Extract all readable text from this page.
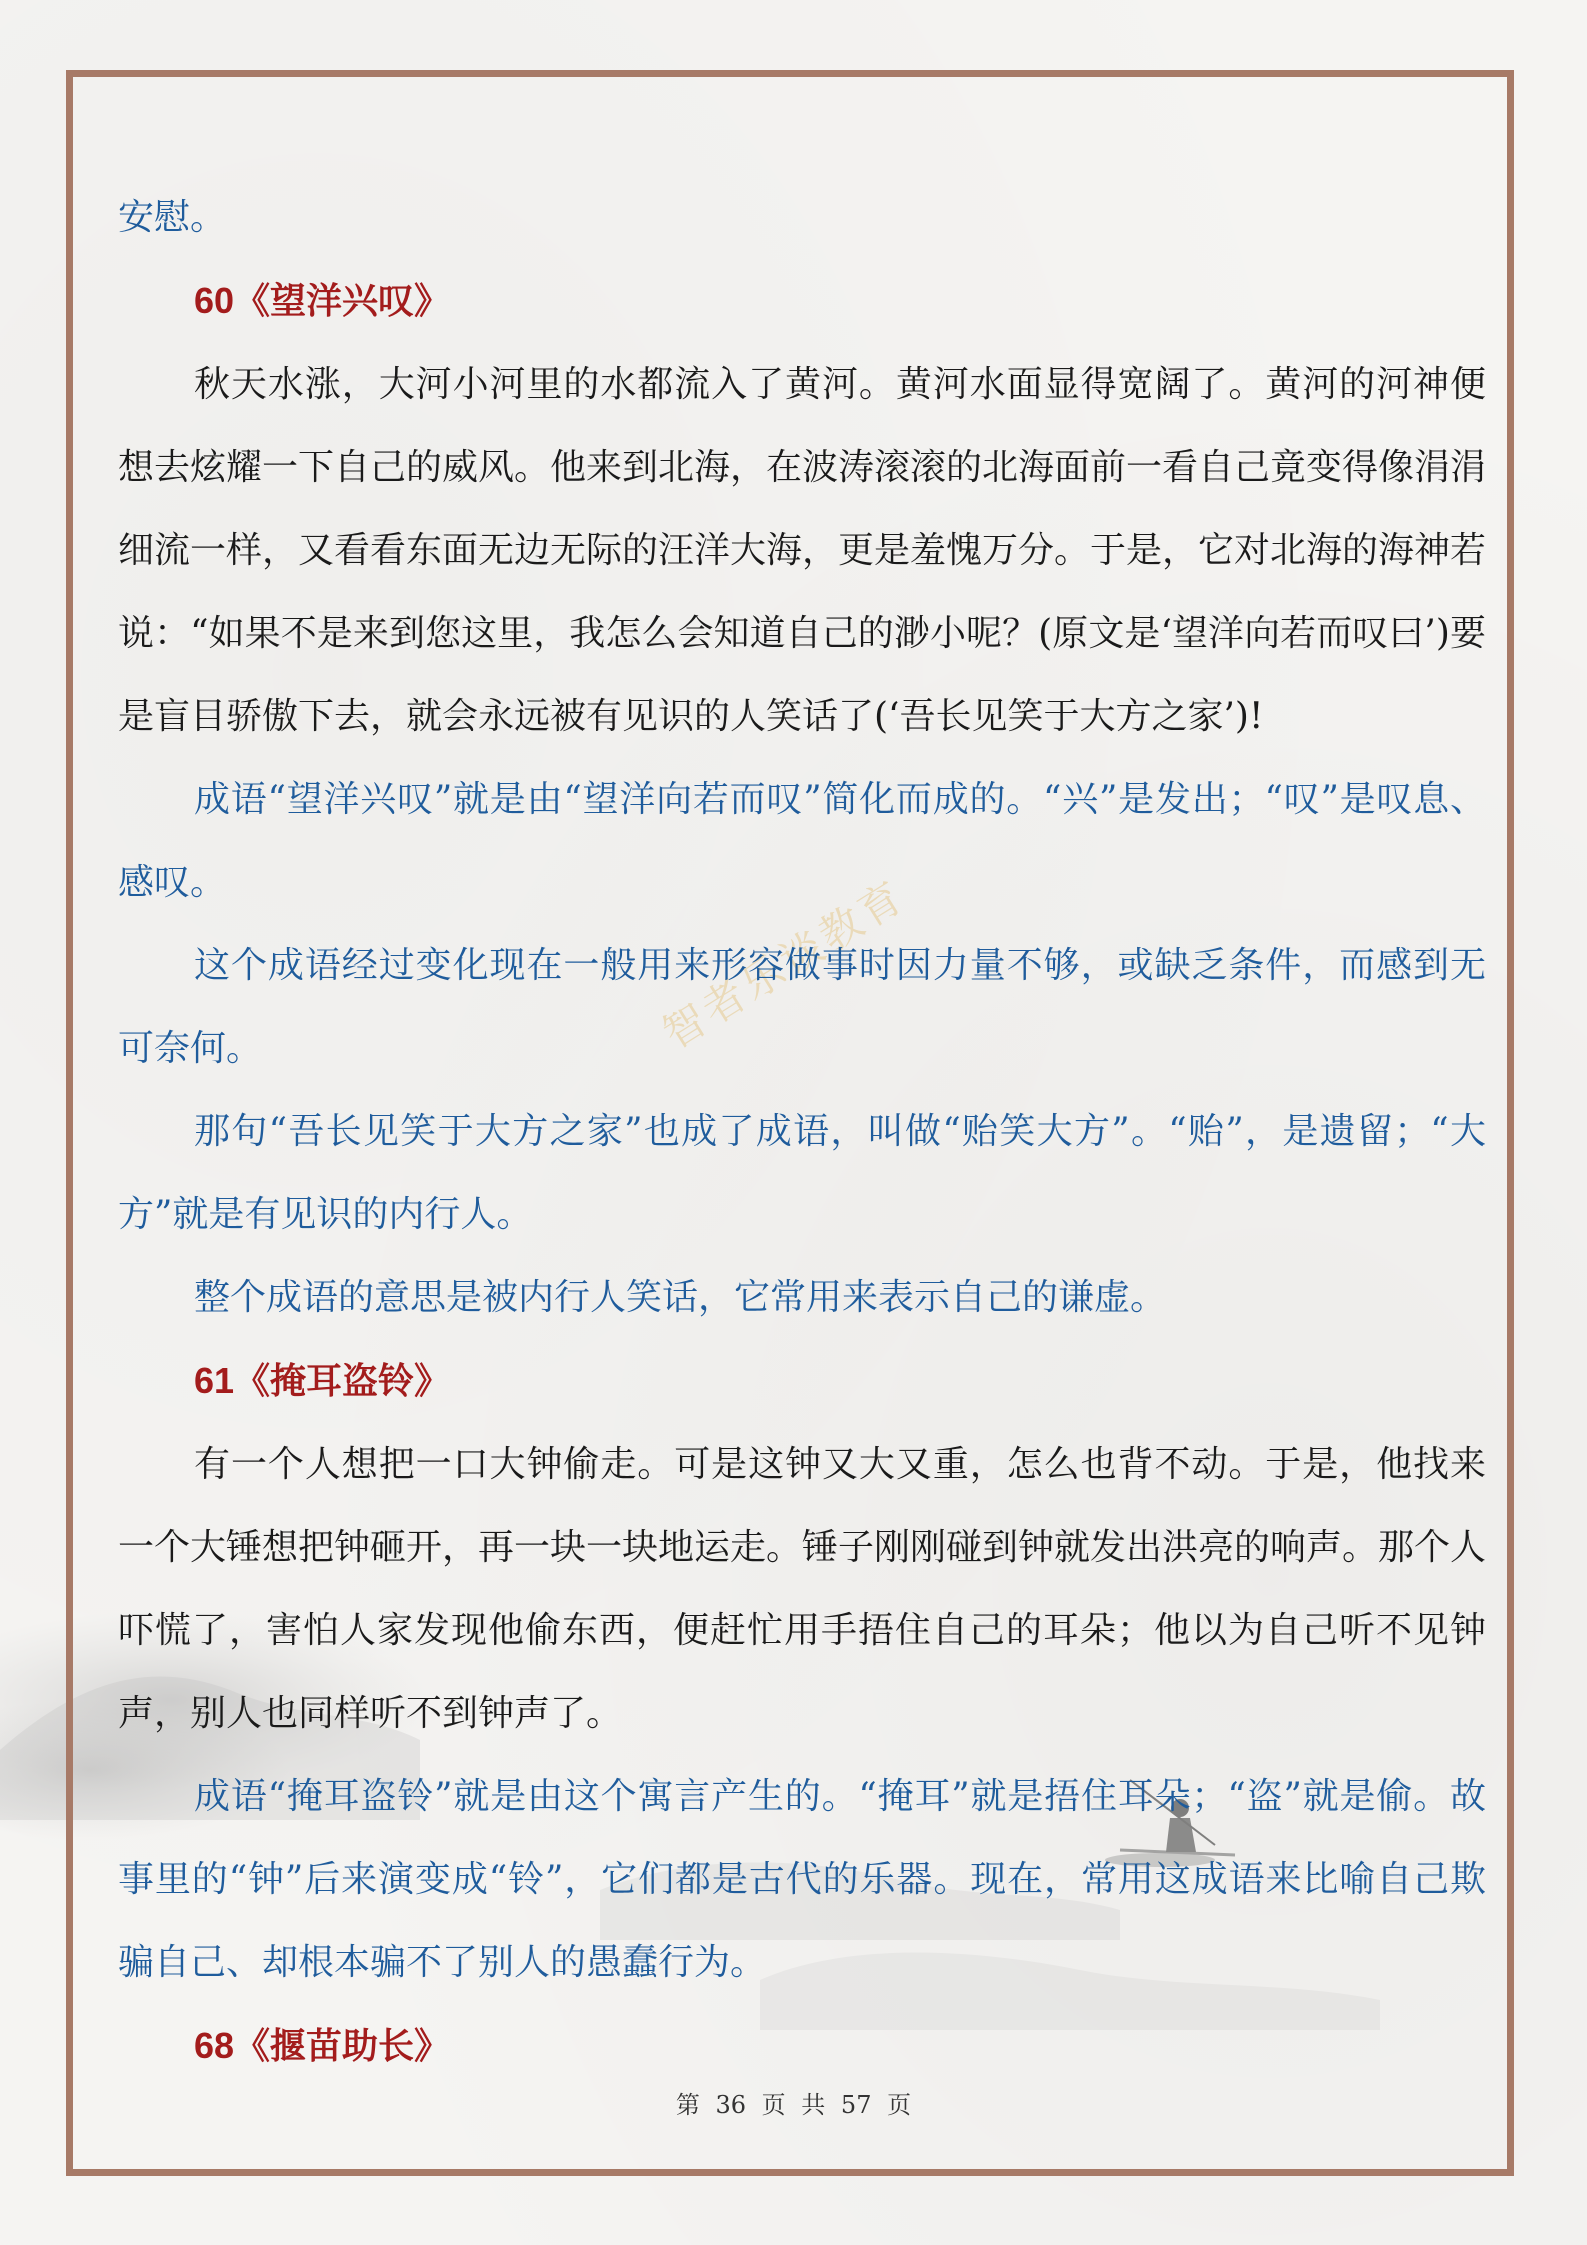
智者乐谈教育

安慰。

60《望洋兴叹》

秋天水涨，大河小河里的水都流入了黄河。黄河水面显得宽阔了。黄河的河神便想去炫耀一下自己的威风。他来到北海，在波涛滚滚的北海面前一看自己竟变得像涓涓细流一样，又看看东面无边无际的汪洋大海，更是羞愧万分。于是，它对北海的海神若说：“如果不是来到您这里，我怎么会知道自己的渺小呢？(原文是‘望洋向若而叹曰’)要是盲目骄傲下去，就会永远被有见识的人笑话了(‘吾长见笑于大方之家’)!

成语“望洋兴叹”就是由“望洋向若而叹”简化而成的。“兴”是发出；“叹”是叹息、感叹。

这个成语经过变化现在一般用来形容做事时因力量不够，或缺乏条件，而感到无可奈何。

那句“吾长见笑于大方之家”也成了成语，叫做“贻笑大方”。“贻”，是遗留；“大方”就是有见识的内行人。

整个成语的意思是被内行人笑话，它常用来表示自己的谦虚。

61《掩耳盗铃》

有一个人想把一口大钟偷走。可是这钟又大又重，怎么也背不动。于是，他找来一个大锤想把钟砸开，再一块一块地运走。锤子刚刚碰到钟就发出洪亮的响声。那个人吓慌了，害怕人家发现他偷东西，便赶忙用手捂住自己的耳朵；他以为自己听不见钟声，别人也同样听不到钟声了。

成语“掩耳盗铃”就是由这个寓言产生的。“掩耳”就是捂住耳朵；“盗”就是偷。故事里的“钟”后来演变成“铃”，它们都是古代的乐器。现在，常用这成语来比喻自己欺骗自己、却根本骗不了别人的愚蠢行为。

68《揠苗助长》

第 36 页 共 57 页
